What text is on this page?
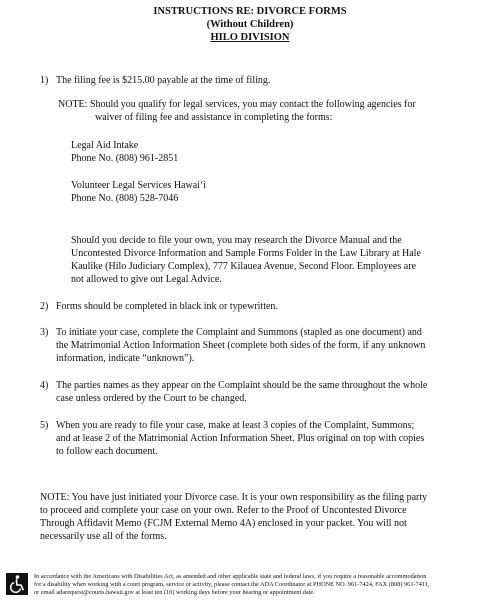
INSTRUCTIONS RE: DIVORCE FORMS
(Without Children)
HILO DIVISION
1) The filing fee is $215.00 payable at the time of filing.
NOTE: Should you qualify for legal services, you may contact the following agencies for
waiver of filing fee and assistance in completing the forms:
Legal Aid Intake
Phone No. (808) 961-2851
Volunteer Legal Services Hawai‘i
Phone No. (808) 528-7046
Should you decide to file your own, you may research the Divorce Manual and the
Uncontested Divorce Information and Sample Forms Folder in the Law Library at Hale
Kaulike (Hilo Judiciary Complex), 777 Kilauea Avenue, Second Floor. Employees are
not allowed to give out Legal Advice.
2) Forms should be completed in black ink or typewritten.
3) To initiate your case, complete the Complaint and Summons (stapled as one document) and
the Matrimonial Action Information Sheet (complete both sides of the form, if any unknown
information, indicate “unknown”).
4) The parties names as they appear on the Complaint should be the same throughout the whole
case unless ordered by the Court to be changed.
5) When you are ready to file your case, make at least 3 copies of the Complaint, Summons;
and at lease 2 of the Matrimonial Action Information Sheet. Plus original on top with copies
to follow each document.
NOTE: You have just initiated your Divorce case. It is your own responsibility as the filing party
to proceed and complete your case on your own. Refer to the Proof of Uncontested Divorce
Through Affidavit Memo (FCJM External Memo 4A) enclosed in your packet. You will not
necessarily use all of the forms.
In accordance with the Americans with Disabilities Act, as amended and other applicable state and federal laws, if you require a reasonable accommodation
for a disability when working with a court program, service or activity, please contact the ADA Coordinator at PHONE NO. 961-7424, FAX (808) 961-7411,
or email adarequest@courts.hawaii.gov at least ten (10) working days before your hearing or appointment date.
